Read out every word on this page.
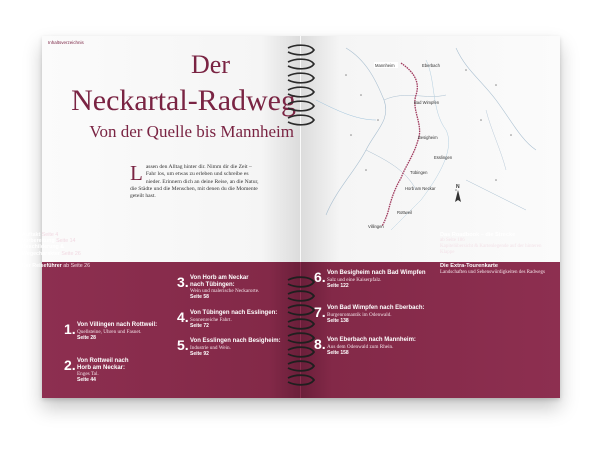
Inhaltsverzeichnis
Der
Neckartal-Radweg
Von der Quelle bis Mannheim
Lassen den Alltag hinter dir. Nimm dir die Zeit – Fahr los, um etwas zu erleben und schreibe es nieder. Erinnern dich an deine Reise, an die Natur, die Städte und die Menschen, mit denen du die Momente geteilt hast.
Auftakt Seite 4
Vorbereitung Seite 14
Beschilderung &
Wegecharakter Seite 26
Der Reiseführer ab Seite 26
1. Von Villingen nach Rottweil:
Quellsteine, Uhren und Fasnet.
Seite 28
2. Von Rottweil nach Horb am Neckar:
Enges Tal.
Seite 44
3. Von Horb am Neckar nach Tübingen:
Wein und malerische Neckarorte.
Seite 58
4. Von Tübingen nach Esslingen:
Sonnenreiche Fahrt.
Seite 72
5. Von Esslingen nach Besigheim:
Industrie und Wein.
Seite 92
6. Von Besigheim nach Bad Wimpfen
Salz und eine Kaiserpfalz.
Seite 122
7. Von Bad Wimpfen nach Eberbach:
Burgenromantik im Odenwald.
Seite 138
8. Von Eberbach nach Mannheim:
Aus dem Odenwald zum Rhein.
Seite 158
Das Roadbook – die Strecke
ab Seite 186
Kapitelübersicht & Kartenlegende auf der hinteren Klappe
Die Extra-Tourenkarte
Landschaften und Sehenswürdigkeiten des Radwegs
Mannheim	Eberbach
Bad Wimpfen
Besigheim
Esslingen
Tübingen
Horb am Neckar
Rottweil
Villingen
N
